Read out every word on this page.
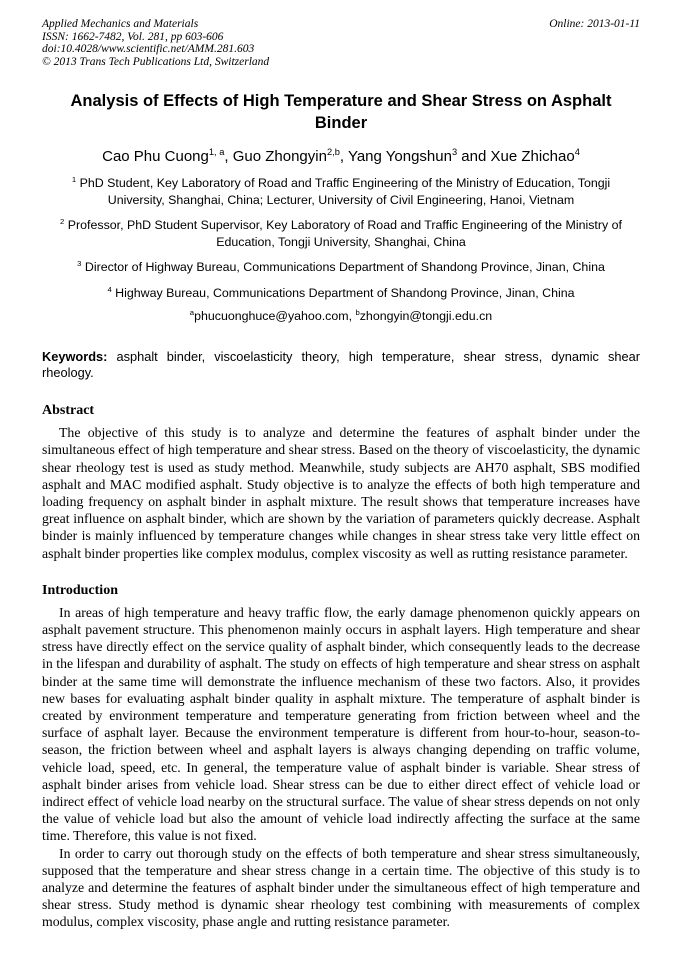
Applied Mechanics and Materials
ISSN: 1662-7482, Vol. 281, pp 603-606
doi:10.4028/www.scientific.net/AMM.281.603
© 2013 Trans Tech Publications Ltd, Switzerland
Online: 2013-01-11
Analysis of Effects of High Temperature and Shear Stress on Asphalt Binder
Cao Phu Cuong$^{1, a}$, Guo Zhongyin$^{2,b}$, Yang Yongshun$^3$ and Xue Zhichao$^4$
$^1$ PhD Student, Key Laboratory of Road and Traffic Engineering of the Ministry of Education, Tongji University, Shanghai, China; Lecturer, University of Civil Engineering, Hanoi, Vietnam
$^2$ Professor, PhD Student Supervisor, Key Laboratory of Road and Traffic Engineering of the Ministry of Education, Tongji University, Shanghai, China
$^3$ Director of Highway Bureau, Communications Department of Shandong Province, Jinan, China
$^4$ Highway Bureau, Communications Department of Shandong Province, Jinan, China
$^a$phucuonghuce@yahoo.com, $^b$zhongyin@tongji.edu.cn
Keywords: asphalt binder, viscoelasticity theory, high temperature, shear stress, dynamic shear rheology.
Abstract

The objective of this study is to analyze and determine the features of asphalt binder under the simultaneous effect of high temperature and shear stress. Based on the theory of viscoelasticity, the dynamic shear rheology test is used as study method. Meanwhile, study subjects are AH70 asphalt, SBS modified asphalt and MAC modified asphalt. Study objective is to analyze the effects of both high temperature and loading frequency on asphalt binder in asphalt mixture. The result shows that temperature increases have great influence on asphalt binder, which are shown by the variation of parameters quickly decrease. Asphalt binder is mainly influenced by temperature changes while changes in shear stress take very little effect on asphalt binder properties like complex modulus, complex viscosity as well as rutting resistance parameter.

Introduction

In areas of high temperature and heavy traffic flow, the early damage phenomenon quickly appears on asphalt pavement structure. This phenomenon mainly occurs in asphalt layers. High temperature and shear stress have directly effect on the service quality of asphalt binder, which consequently leads to the decrease in the lifespan and durability of asphalt. The study on effects of high temperature and shear stress on asphalt binder at the same time will demonstrate the influence mechanism of these two factors. Also, it provides new bases for evaluating asphalt binder quality in asphalt mixture. The temperature of asphalt binder is created by environment temperature and temperature generating from friction between wheel and the surface of asphalt layer. Because the environment temperature is different from hour-to-hour, season-to-season, the friction between wheel and asphalt layers is always changing depending on traffic volume, vehicle load, speed, etc. In general, the temperature value of asphalt binder is variable. Shear stress of asphalt binder arises from vehicle load. Shear stress can be due to either direct effect of vehicle load or indirect effect of vehicle load nearby on the structural surface. The value of shear stress depends on not only the value of vehicle load but also the amount of vehicle load indirectly affecting the surface at the same time. Therefore, this value is not fixed.

In order to carry out thorough study on the effects of both temperature and shear stress simultaneously, supposed that the temperature and shear stress change in a certain time. The objective of this study is to analyze and determine the features of asphalt binder under the simultaneous effect of high temperature and shear stress. Study method is dynamic shear rheology test combining with measurements of complex modulus, complex viscosity, phase angle and rutting resistance parameter.
